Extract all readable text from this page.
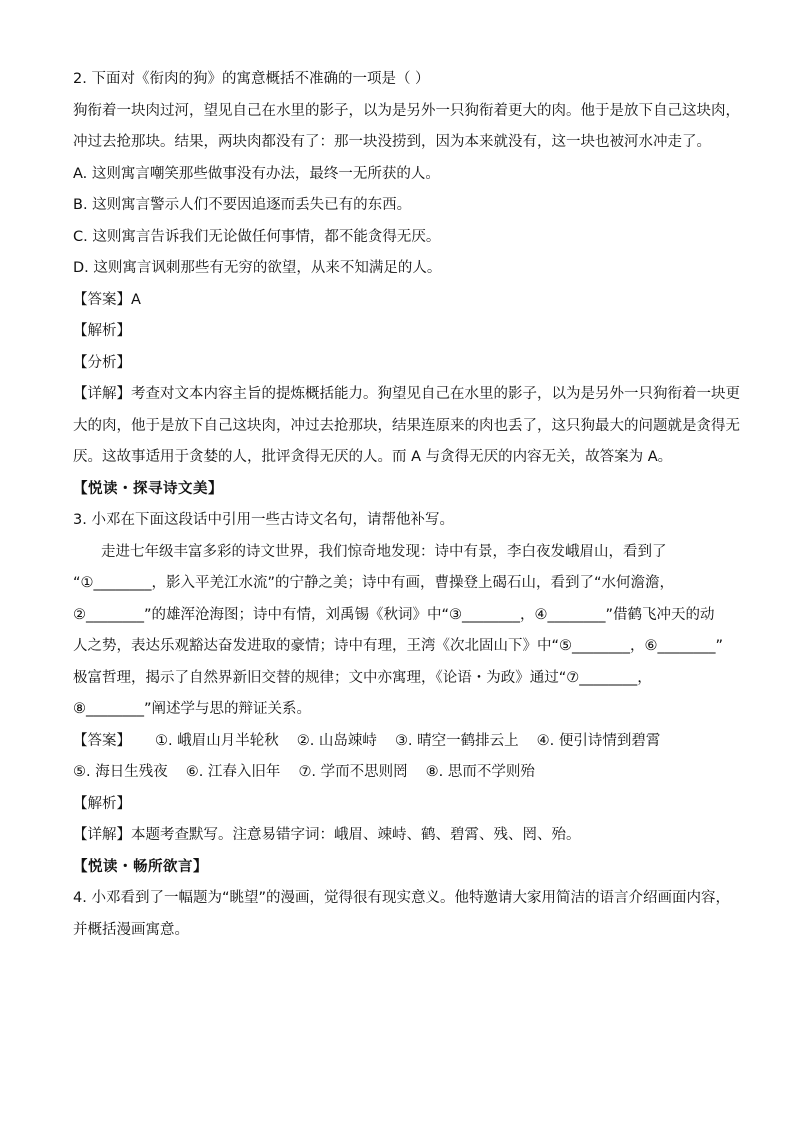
2. 下面对《衔肉的狗》的寓意概括不准确的一项是（ ）
狗衔着一块肉过河，望见自己在水里的影子，以为是另外一只狗衔着更大的肉。他于是放下自己这块肉，
冲过去抢那块。结果，两块肉都没有了：那一块没捞到，因为本来就没有，这一块也被河水冲走了。
A. 这则寓言嘲笑那些做事没有办法，最终一无所获的人。
B. 这则寓言警示人们不要因追逐而丢失已有的东西。
C. 这则寓言告诉我们无论做任何事情，都不能贪得无厌。
D. 这则寓言讽刺那些有无穷的欲望，从来不知满足的人。
【答案】A
【解析】
【分析】
【详解】考查对文本内容主旨的提炼概括能力。狗望见自己在水里的影子，以为是另外一只狗衔着一块更
大的肉，他于是放下自己这块肉，冲过去抢那块，结果连原来的肉也丢了，这只狗最大的问题就是贪得无
厌。这故事适用于贪婪的人，批评贪得无厌的人。而 A 与贪得无厌的内容无关，故答案为 A。
【悦读・探寻诗文美】
3. 小邓在下面这段话中引用一些古诗文名句，请帮他补写。
走进七年级丰富多彩的诗文世界，我们惊奇地发现：诗中有景，李白夜发峨眉山，看到了
“①________，影入平羌江水流”的宁静之美；诗中有画，曹操登上碣石山，看到了“水何澹澹，
②________”的雄浑沧海图；诗中有情，刘禹锡《秋词》中“③________，④________”借鹤飞冲天的动
人之势，表达乐观豁达奋发进取的豪情；诗中有理，王湾《次北固山下》中“⑤________，⑥________”
极富哲理，揭示了自然界新旧交替的规律；文中亦寓理，《论语・为政》通过“⑦________，
⑧________”阐述学与思的辩证关系。
【答案】 ①. 峨眉山月半轮秋 ②. 山岛竦峙 ③. 晴空一鹤排云上 ④. 便引诗情到碧霄
⑤. 海日生残夜 ⑥. 江春入旧年 ⑦. 学而不思则罔 ⑧. 思而不学则殆
【解析】
【详解】本题考查默写。注意易错字词：峨眉、竦峙、鹤、碧霄、残、罔、殆。
【悦读・畅所欲言】
4. 小邓看到了一幅题为“眺望”的漫画，觉得很有现实意义。他特邀请大家用简洁的语言介绍画面内容，
并概括漫画寓意。
